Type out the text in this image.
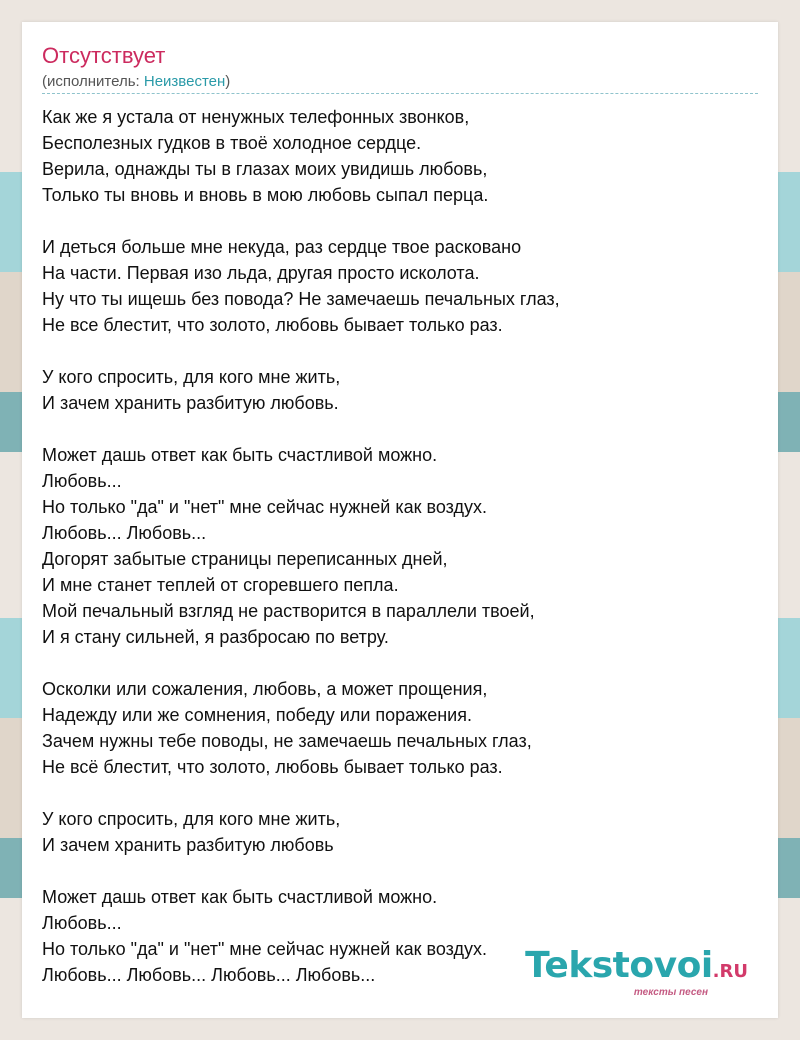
Отсутствует
(исполнитель: Неизвестен)
Как же я устала от ненужных телефонных звонков,
Бесполезных гудков в твоё холодное сердце.
Верила, однажды ты в глазах моих увидишь любовь,
Только ты вновь и вновь в мою любовь сыпал перца.
И деться больше мне некуда, раз сердце твое расковано
На части. Первая изо льда, другая просто исколота.
Ну что ты ищешь без повода? Не замечаешь печальных глаз,
Не все блестит, что золото, любовь бывает только раз.
У кого спросить, для кого мне жить,
И зачем хранить разбитую любовь.
Может дашь ответ как быть счастливой можно.
Любовь...
Но только "да" и "нет" мне сейчас нужней как воздух.
Любовь... Любовь...
Догорят забытые страницы переписанных дней,
И мне станет теплей от сгоревшего пепла.
Мой печальный взгляд не растворится в параллели твоей,
И я стану сильней, я разбросаю по ветру.
Осколки или сожаления, любовь, а может прощения,
Надежду или же сомнения, победу или поражения.
Зачем нужны тебе поводы, не замечаешь печальных глаз,
Не всё блестит, что золото, любовь бывает только раз.
У кого спросить, для кого мне жить,
И зачем хранить разбитую любовь
Может дашь ответ как быть счастливой можно.
Любовь...
Но только "да" и "нет" мне сейчас нужней как воздух.
Любовь... Любовь... Любовь... Любовь...	Tekstovoi.RU
тексты песен
